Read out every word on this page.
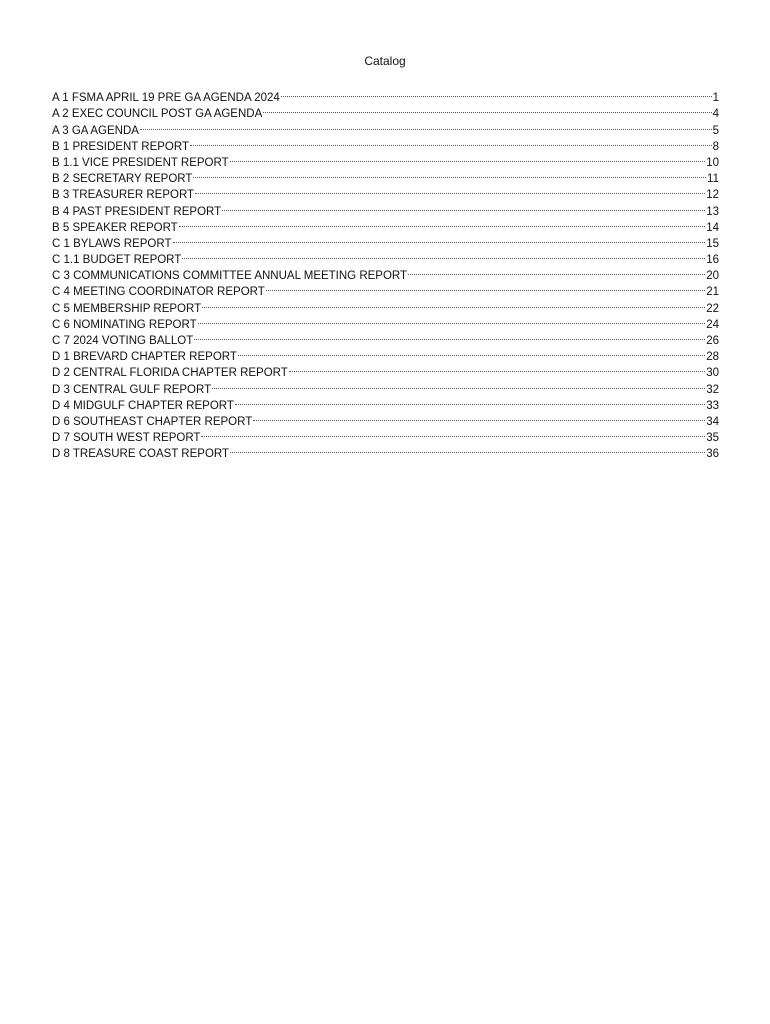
Catalog
A 1 FSMA APRIL 19 PRE GA AGENDA 2024	1
A 2 EXEC COUNCIL POST GA AGENDA	4
A 3 GA AGENDA	5
B 1 PRESIDENT REPORT	8
B 1.1 VICE PRESIDENT REPORT	10
B 2 SECRETARY REPORT	11
B 3 TREASURER REPORT	12
B 4 PAST PRESIDENT REPORT	13
B 5 SPEAKER REPORT	14
C 1 BYLAWS REPORT	15
C 1.1 BUDGET REPORT	16
C 3 COMMUNICATIONS COMMITTEE ANNUAL MEETING REPORT	20
C 4 MEETING COORDINATOR REPORT	21
C 5 MEMBERSHIP REPORT	22
C 6 NOMINATING REPORT	24
C 7 2024 VOTING BALLOT	26
D 1 BREVARD CHAPTER REPORT	28
D 2 CENTRAL FLORIDA CHAPTER REPORT	30
D 3 CENTRAL GULF REPORT	32
D 4 MIDGULF CHAPTER REPORT	33
D 6 SOUTHEAST CHAPTER REPORT	34
D 7 SOUTH WEST REPORT	35
D 8 TREASURE COAST REPORT	36
